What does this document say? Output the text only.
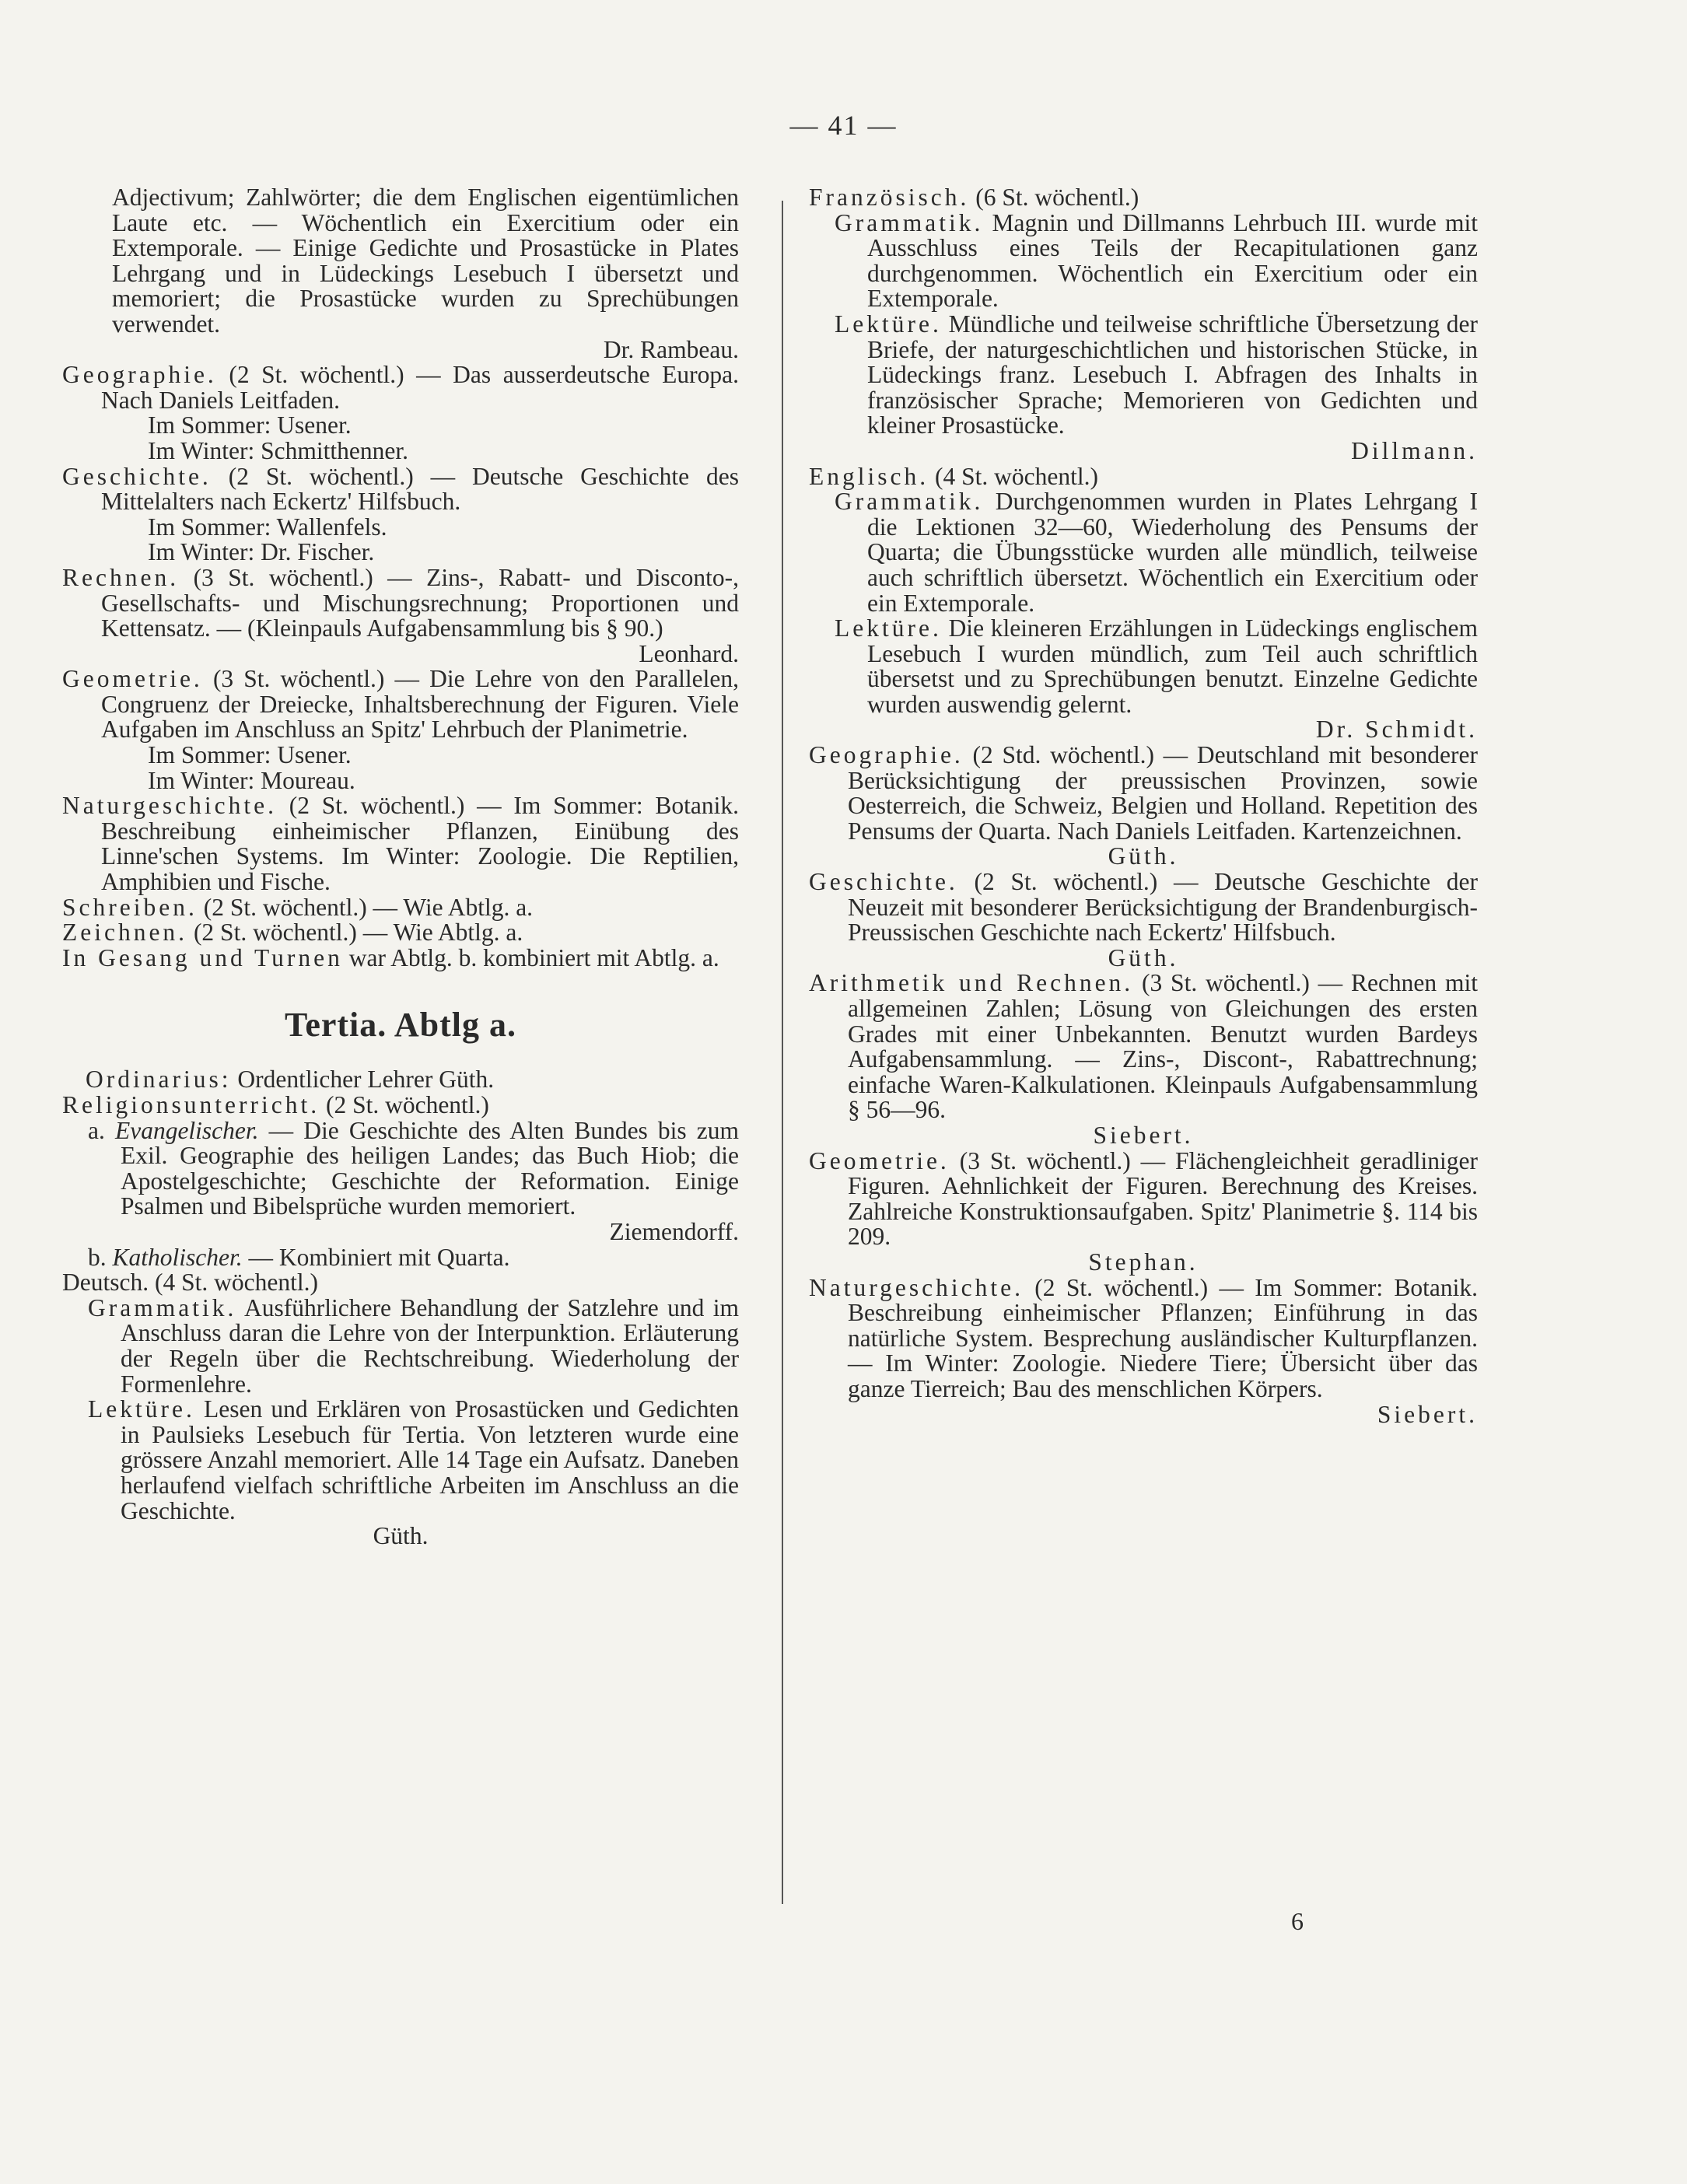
— 41 —

Adjectivum; Zahlwörter; die dem Englischen eigentümlichen Laute etc. — Wöchentlich ein Exercitium oder ein Extemporale. — Einige Gedichte und Prosastücke in Plates Lehrgang und in Lüdeckings Lesebuch I übersetzt und memoriert; die Prosastücke wurden zu Sprechübungen verwendet.

Dr. Rambeau.

Geographie. (2 St. wöchentl.) — Das ausserdeutsche Europa. Nach Daniels Leitfaden.

Im Sommer: Usener.

Im Winter: Schmitthenner.

Geschichte. (2 St. wöchentl.) — Deutsche Geschichte des Mittelalters nach Eckertz' Hilfsbuch.

Im Sommer: Wallenfels.

Im Winter: Dr. Fischer.

Rechnen. (3 St. wöchentl.) — Zins-, Rabatt- und Disconto-, Gesellschafts- und Mischungsrechnung; Proportionen und Kettensatz. — (Kleinpauls Aufgabensammlung bis § 90.)

Leonhard.

Geometrie. (3 St. wöchentl.) — Die Lehre von den Parallelen, Congruenz der Dreiecke, Inhaltsberechnung der Figuren. Viele Aufgaben im Anschluss an Spitz' Lehrbuch der Planimetrie.

Im Sommer: Usener.

Im Winter: Moureau.

Naturgeschichte. (2 St. wöchentl.) — Im Sommer: Botanik. Beschreibung einheimischer Pflanzen, Einübung des Linne'schen Systems. Im Winter: Zoologie. Die Reptilien, Amphibien und Fische.

Schreiben. (2 St. wöchentl.) — Wie Abtlg. a.

Zeichnen. (2 St. wöchentl.) — Wie Abtlg. a.

In Gesang und Turnen war Abtlg. b. kombiniert mit Abtlg. a.

Tertia. Abtlg a.

Ordinarius: Ordentlicher Lehrer Güth.

Religionsunterricht. (2 St. wöchentl.)

a. Evangelischer. — Die Geschichte des Alten Bundes bis zum Exil. Geographie des heiligen Landes; das Buch Hiob; die Apostelgeschichte; Geschichte der Reformation. Einige Psalmen und Bibelsprüche wurden memoriert.

Ziemendorff.

b. Katholischer. — Kombiniert mit Quarta.

Deutsch. (4 St. wöchentl.)

Grammatik. Ausführlichere Behandlung der Satzlehre und im Anschluss daran die Lehre von der Interpunktion. Erläuterung der Regeln über die Rechtschreibung. Wiederholung der Formenlehre.

Lektüre. Lesen und Erklären von Prosastücken und Gedichten in Paulsieks Lesebuch für Tertia. Von letzteren wurde eine grössere Anzahl memoriert. Alle 14 Tage ein Aufsatz. Daneben herlaufend vielfach schriftliche Arbeiten im Anschluss an die Geschichte.

Güth.

Französisch. (6 St. wöchentl.)

Grammatik. Magnin und Dillmanns Lehrbuch III. wurde mit Ausschluss eines Teils der Recapitulationen ganz durchgenommen. Wöchentlich ein Exercitium oder ein Extemporale.

Lektüre. Mündliche und teilweise schriftliche Übersetzung der Briefe, der naturgeschichtlichen und historischen Stücke, in Lüdeckings franz. Lesebuch I. Abfragen des Inhalts in französischer Sprache; Memorieren von Gedichten und kleiner Prosastücke.

Dillmann.

Englisch. (4 St. wöchentl.)

Grammatik. Durchgenommen wurden in Plates Lehrgang I die Lektionen 32—60, Wiederholung des Pensums der Quarta; die Übungsstücke wurden alle mündlich, teilweise auch schriftlich übersetzt. Wöchentlich ein Exercitium oder ein Extemporale.

Lektüre. Die kleineren Erzählungen in Lüdeckings englischem Lesebuch I wurden mündlich, zum Teil auch schriftlich übersetst und zu Sprechübungen benutzt. Einzelne Gedichte wurden auswendig gelernt.

Dr. Schmidt.

Geographie. (2 Std. wöchentl.) — Deutschland mit besonderer Berücksichtigung der preussischen Provinzen, sowie Oesterreich, die Schweiz, Belgien und Holland. Repetition des Pensums der Quarta. Nach Daniels Leitfaden. Kartenzeichnen.

Güth.

Geschichte. (2 St. wöchentl.) — Deutsche Geschichte der Neuzeit mit besonderer Berücksichtigung der Brandenburgisch-Preussischen Geschichte nach Eckertz' Hilfsbuch.

Güth.

Arithmetik und Rechnen. (3 St. wöchentl.) — Rechnen mit allgemeinen Zahlen; Lösung von Gleichungen des ersten Grades mit einer Unbekannten. Benutzt wurden Bardeys Aufgabensammlung. — Zins-, Discont-, Rabattrechnung; einfache Waren-Kalkulationen. Kleinpauls Aufgabensammlung § 56—96.

Siebert.

Geometrie. (3 St. wöchentl.) — Flächengleichheit geradliniger Figuren. Aehnlichkeit der Figuren. Berechnung des Kreises. Zahlreiche Konstruktionsaufgaben. Spitz' Planimetrie §. 114 bis 209.

Stephan.

Naturgeschichte. (2 St. wöchentl.) — Im Sommer: Botanik. Beschreibung einheimischer Pflanzen; Einführung in das natürliche System. Besprechung ausländischer Kulturpflanzen. — Im Winter: Zoologie. Niedere Tiere; Übersicht über das ganze Tierreich; Bau des menschlichen Körpers.

Siebert.

6
